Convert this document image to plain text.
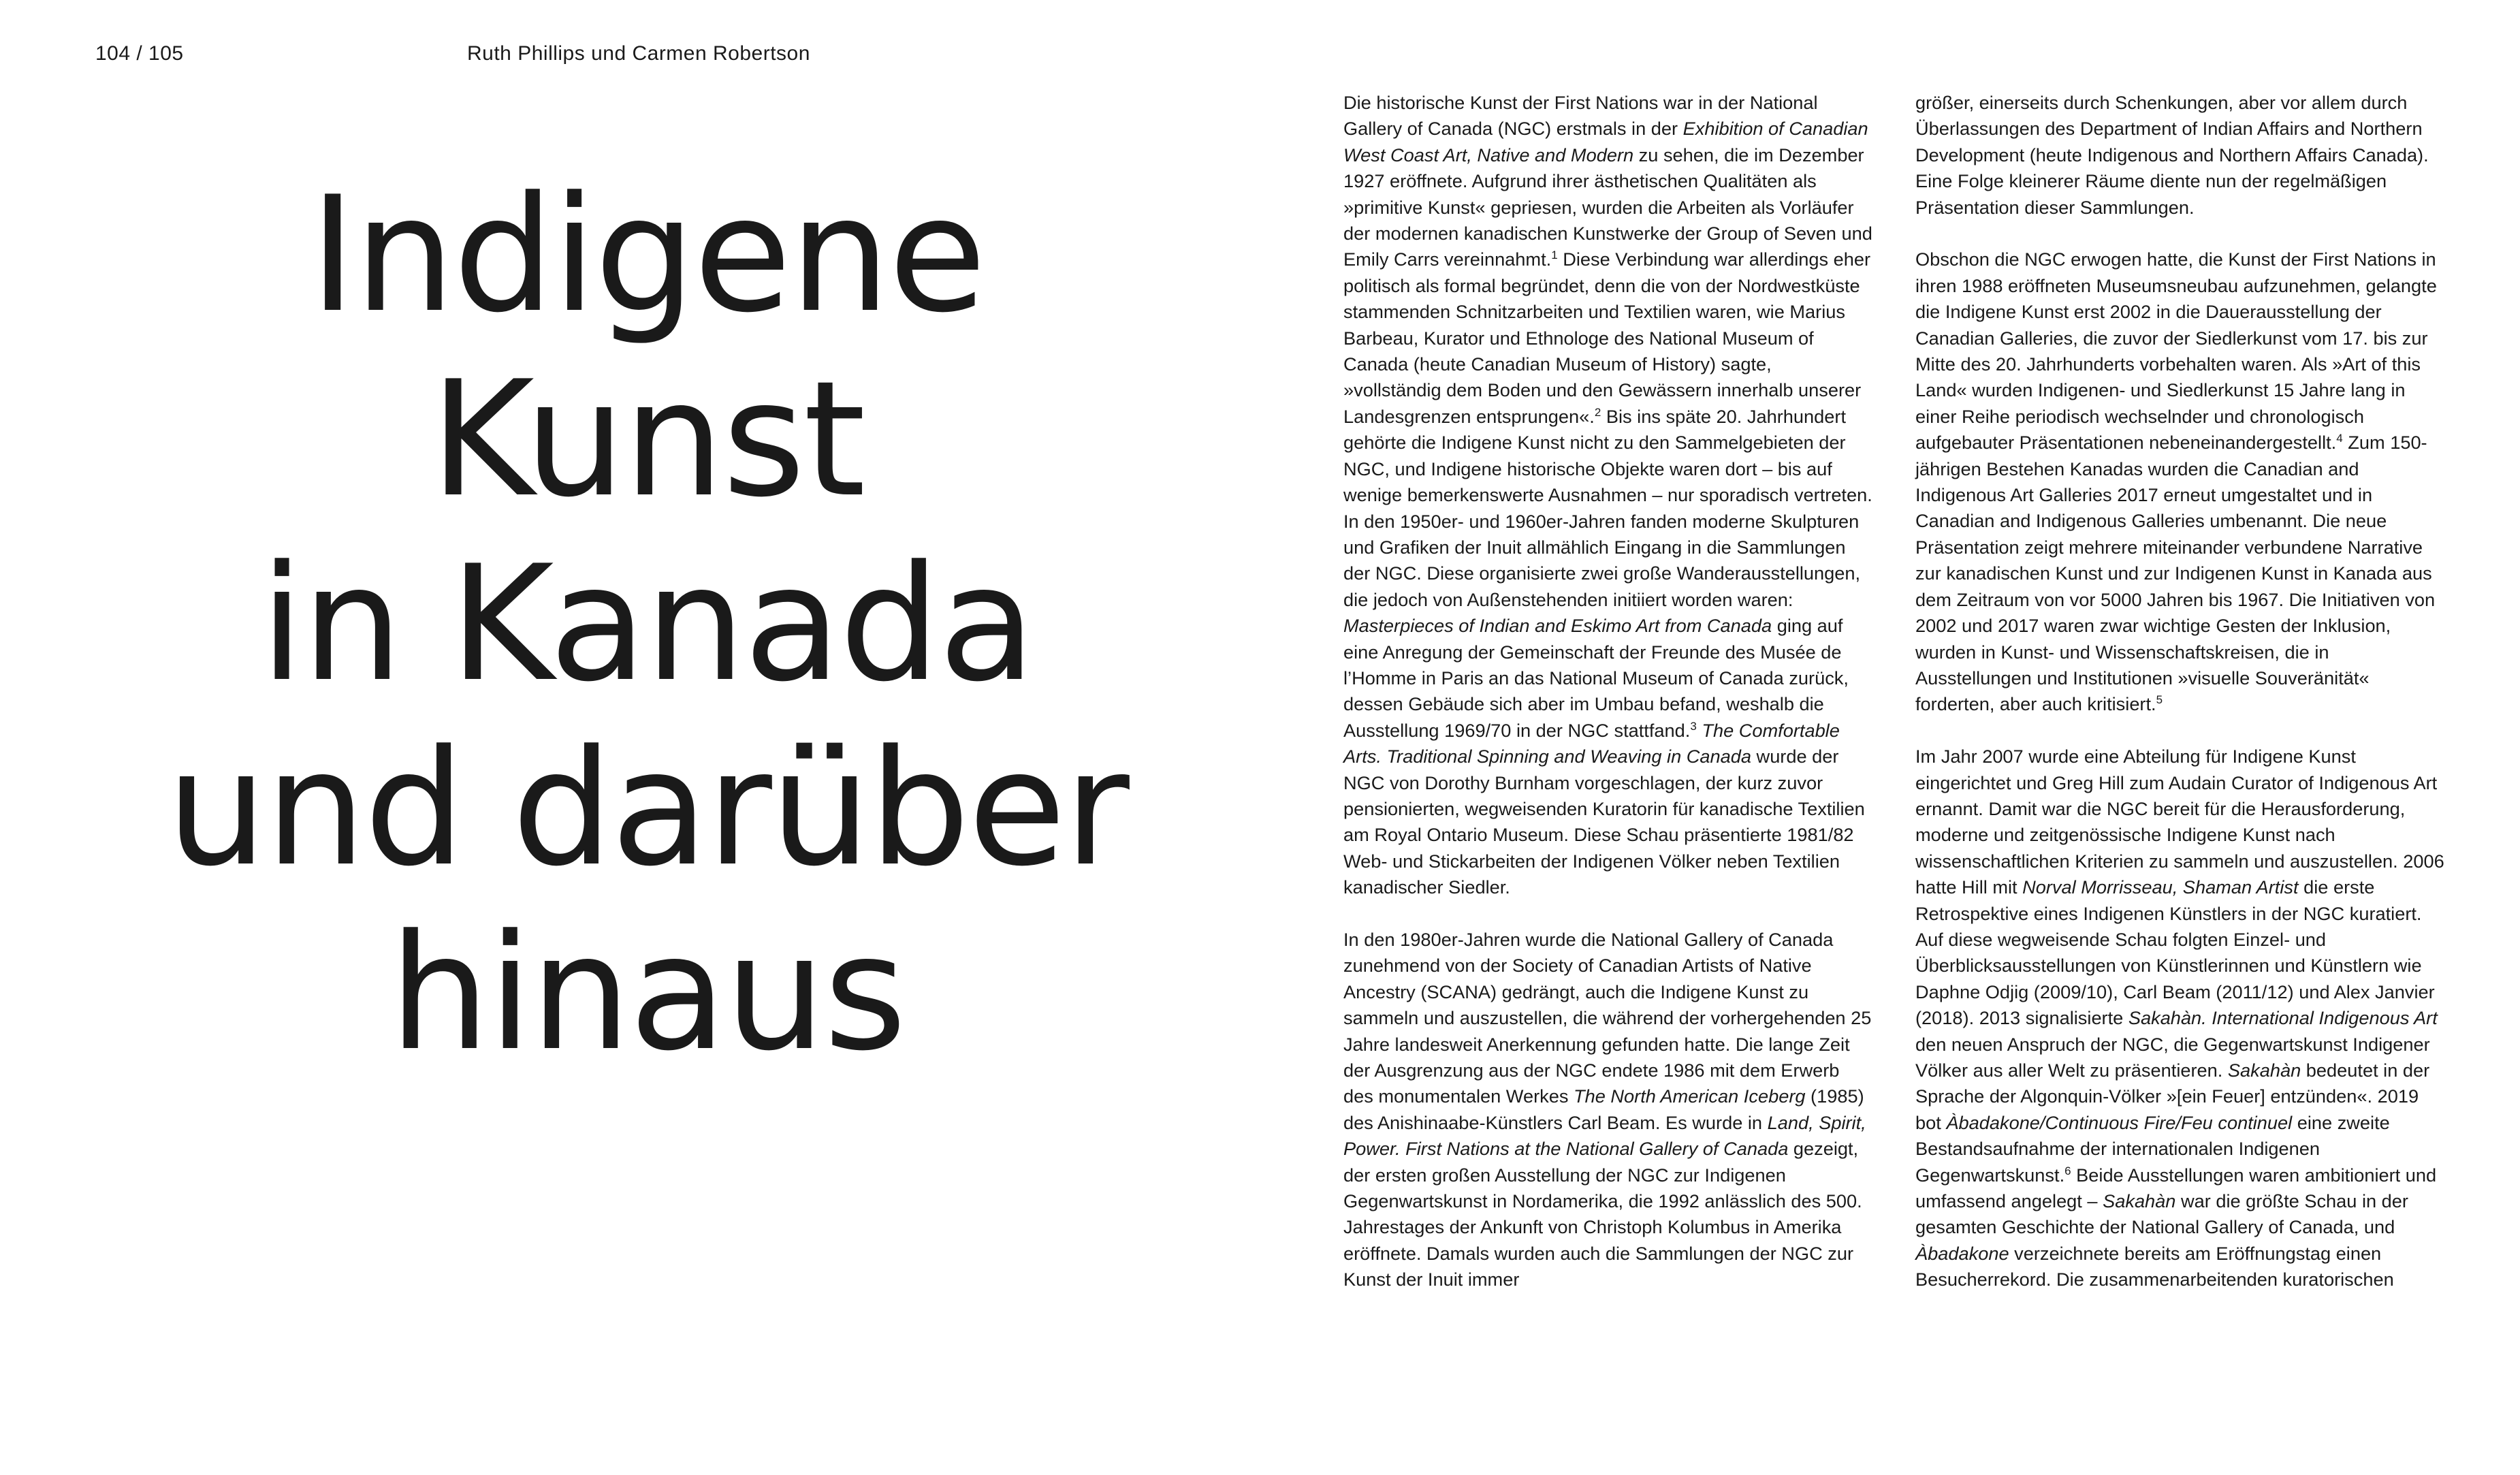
104 / 105	Ruth Phillips und Carmen Robertson
Indigene
Kunst
in Kanada
und darüber
hinaus

Die historische Kunst der First Nations war in der National Gallery of Canada (NGC) erstmals in der Exhibition of Canadian West Coast Art, Native and Modern zu sehen, die im Dezember 1927 eröffnete. Aufgrund ihrer ästhetischen Qualitäten als »primitive Kunst« gepriesen, wurden die Arbeiten als Vorläufer der modernen kanadischen Kunstwerke der Group of Seven und Emily Carrs vereinnahmt.$^1$ Diese Verbindung war allerdings eher politisch als formal begründet, denn die von der Nordwestküste stammenden Schnitzarbeiten und Textilien waren, wie Marius Barbeau, Kurator und Ethnologe des National Museum of Canada (heute Canadian Museum of History) sagte, »vollständig dem Boden und den Gewässern innerhalb unserer Landesgrenzen entsprungen«.$^2$ Bis ins späte 20. Jahrhundert gehörte die Indigene Kunst nicht zu den Sammelgebieten der NGC, und Indigene historische Objekte waren dort – bis auf wenige bemerkenswerte Ausnahmen – nur sporadisch vertreten. In den 1950er- und 1960er-Jahren fanden moderne Skulpturen und Grafiken der Inuit allmählich Eingang in die Sammlungen der NGC. Diese organisierte zwei große Wanderausstellungen, die jedoch von Außenstehenden initiiert worden waren: Masterpieces of Indian and Eskimo Art from Canada ging auf eine Anregung der Gemeinschaft der Freunde des Musée de l’Homme in Paris an das National Museum of Canada zurück, dessen Gebäude sich aber im Umbau befand, weshalb die Ausstellung 1969/70 in der NGC stattfand.$^3$ The Comfortable Arts. Traditional Spinning and Weaving in Canada wurde der NGC von Dorothy Burnham vorgeschlagen, der kurz zuvor pensionierten, wegweisenden Kuratorin für kanadische Textilien am Royal Ontario Museum. Diese Schau präsentierte 1981/82 Web- und Stickarbeiten der Indigenen Völker neben Textilien kanadischer Siedler.

In den 1980er-Jahren wurde die National Gallery of Canada zunehmend von der Society of Canadian Artists of Native Ancestry (SCANA) gedrängt, auch die Indigene Kunst zu sammeln und auszustellen, die während der vorhergehenden 25 Jahre landesweit Anerkennung gefunden hatte. Die lange Zeit der Ausgrenzung aus der NGC endete 1986 mit dem Erwerb des monumentalen Werkes The North American Iceberg (1985) des Anishinaabe-Künstlers Carl Beam. Es wurde in Land, Spirit, Power. First Nations at the National Gallery of Canada gezeigt, der ersten großen Ausstellung der NGC zur Indigenen Gegenwartskunst in Nordamerika, die 1992 anlässlich des 500. Jahrestages der Ankunft von Christoph Kolumbus in Amerika eröffnete. Damals wurden auch die Sammlungen der NGC zur Kunst der Inuit immer

größer, einerseits durch Schenkungen, aber vor allem durch Überlassungen des Department of Indian Affairs and Northern Development (heute Indigenous and Northern Affairs Canada). Eine Folge kleinerer Räume diente nun der regelmäßigen Präsentation dieser Sammlungen.

Obschon die NGC erwogen hatte, die Kunst der First Nations in ihren 1988 eröffneten Museumsneubau aufzunehmen, gelangte die Indigene Kunst erst 2002 in die Dauerausstellung der Canadian Galleries, die zuvor der Siedlerkunst vom 17. bis zur Mitte des 20. Jahrhunderts vorbehalten waren. Als »Art of this Land« wurden Indigenen- und Siedlerkunst 15 Jahre lang in einer Reihe periodisch wechselnder und chronologisch aufgebauter Präsentationen nebeneinandergestellt.$^4$ Zum 150-jährigen Bestehen Kanadas wurden die Canadian and Indigenous Art Galleries 2017 erneut umgestaltet und in Canadian and Indigenous Galleries umbenannt. Die neue Präsentation zeigt mehrere miteinander verbundene Narrative zur kanadischen Kunst und zur Indigenen Kunst in Kanada aus dem Zeitraum von vor 5000 Jahren bis 1967. Die Initiativen von 2002 und 2017 waren zwar wichtige Gesten der Inklusion, wurden in Kunst- und Wissenschaftskreisen, die in Ausstellungen und Institutionen »visuelle Souveränität« forderten, aber auch kritisiert.$^5$

Im Jahr 2007 wurde eine Abteilung für Indigene Kunst eingerichtet und Greg Hill zum Audain Curator of Indigenous Art ernannt. Damit war die NGC bereit für die Herausforderung, moderne und zeitgenössische Indigene Kunst nach wissenschaftlichen Kriterien zu sammeln und auszustellen. 2006 hatte Hill mit Norval Morrisseau, Shaman Artist die erste Retrospektive eines Indigenen Künstlers in der NGC kuratiert. Auf diese wegweisende Schau folgten Einzel- und Überblicksausstellungen von Künstlerinnen und Künstlern wie Daphne Odjig (2009/10), Carl Beam (2011/12) und Alex Janvier (2018). 2013 signalisierte Sakahàn. International Indigenous Art den neuen Anspruch der NGC, die Gegenwartskunst Indigener Völker aus aller Welt zu präsentieren. Sakahàn bedeutet in der Sprache der Algonquin-Völker »[ein Feuer] entzünden«. 2019 bot Àbadakone/Continuous Fire/Feu continuel eine zweite Bestandsaufnahme der internationalen Indigenen Gegenwartskunst.$^6$ Beide Ausstellungen waren ambitioniert und umfassend angelegt – Sakahàn war die größte Schau in der gesamten Geschichte der National Gallery of Canada, und Àbadakone verzeichnete bereits am Eröffnungstag einen Besucherrekord. Die zusammenarbeitenden kuratorischen
